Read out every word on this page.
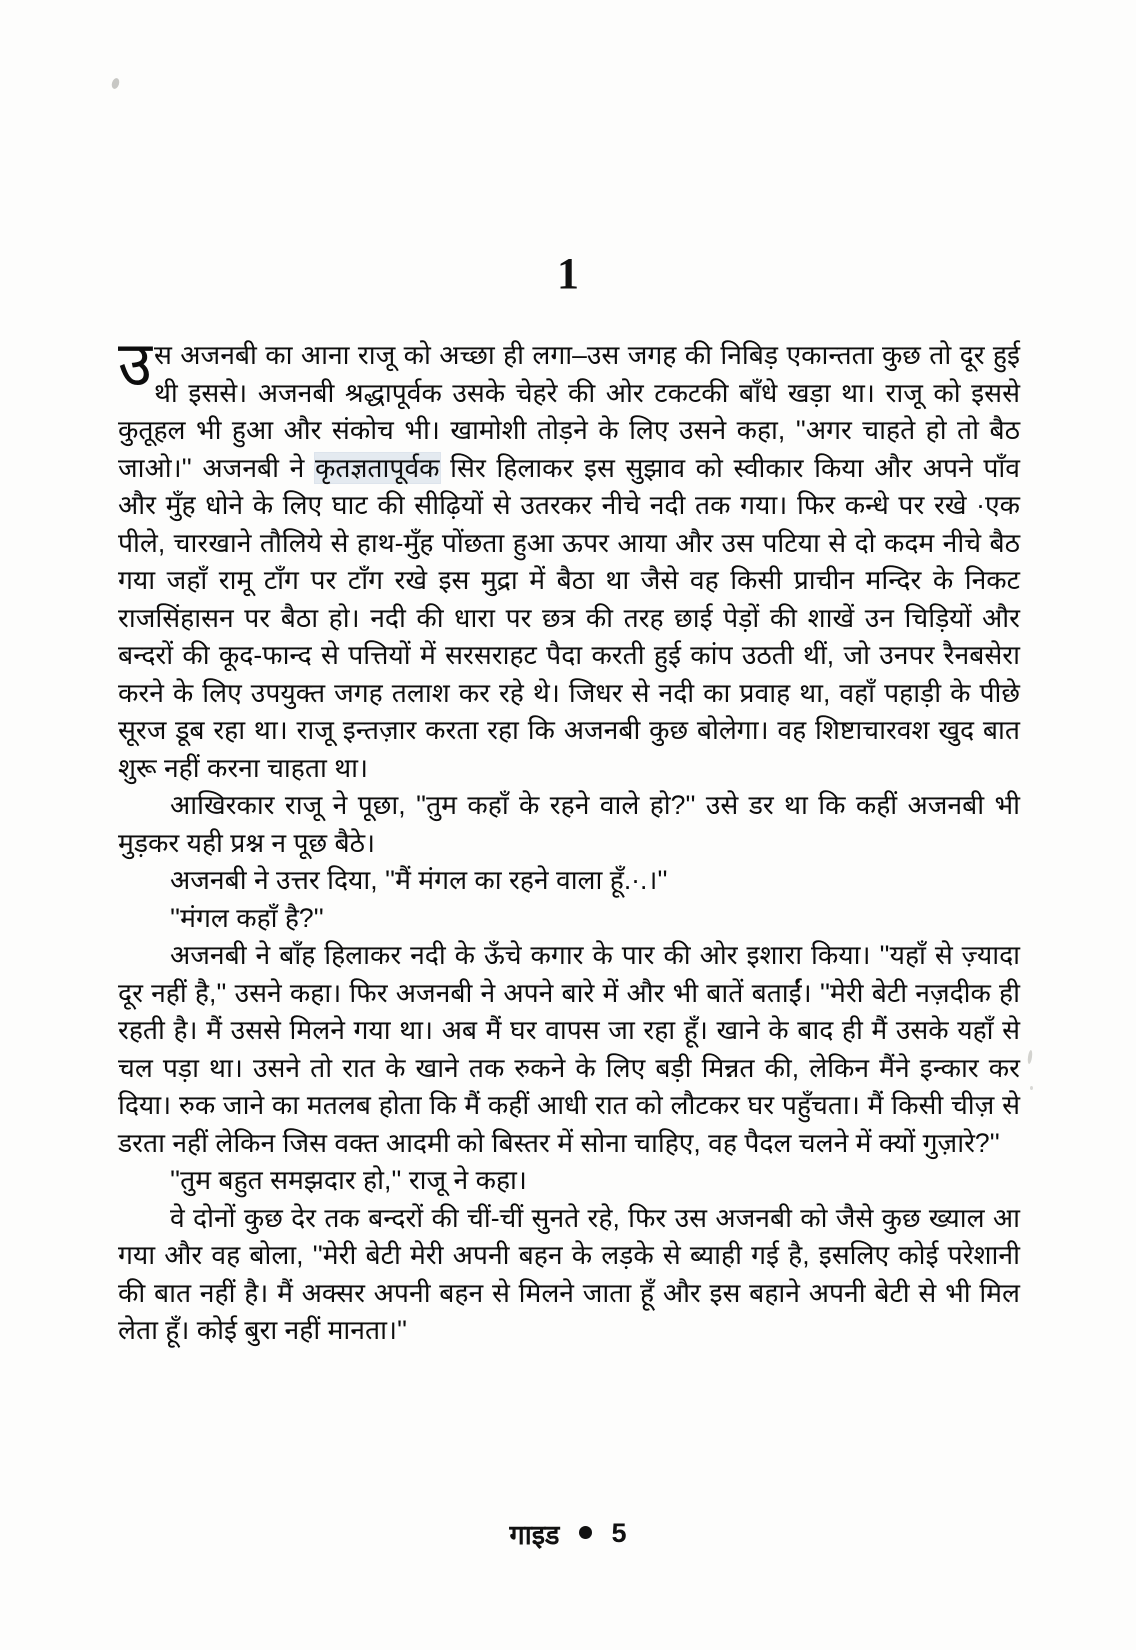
1

उस अजनबी का आना राजू को अच्छा ही लगा–उस जगह की निबिड़ एकान्तता कुछ तो दूर हुई थी इससे। अजनबी श्रद्धापूर्वक उसके चेहरे की ओर टकटकी बाँधे खड़ा था। राजू को इससे कुतूहल भी हुआ और संकोच भी। खामोशी तोड़ने के लिए उसने कहा, ''अगर चाहते हो तो बैठ जाओ।'' अजनबी ने कृतज्ञतापूर्वक सिर हिलाकर इस सुझाव को स्वीकार किया और अपने पाँव और मुँह धोने के लिए घाट की सीढ़ियों से उतरकर नीचे नदी तक गया। फिर कन्धे पर रखे ·एक पीले, चारखाने तौलिये से हाथ-मुँह पोंछता हुआ ऊपर आया और उस पटिया से दो कदम नीचे बैठ गया जहाँ रामू टाँग पर टाँग रखे इस मुद्रा में बैठा था जैसे वह किसी प्राचीन मन्दिर के निकट राजसिंहासन पर बैठा हो। नदी की धारा पर छत्र की तरह छाई पेड़ों की शाखें उन चिड़ियों और बन्दरों की कूद-फान्द से पत्तियों में सरसराहट पैदा करती हुई कांप उठती थीं, जो उनपर रैनबसेरा करने के लिए उपयुक्त जगह तलाश कर रहे थे। जिधर से नदी का प्रवाह था, वहाँ पहाड़ी के पीछे सूरज डूब रहा था। राजू इन्तज़ार करता रहा कि अजनबी कुछ बोलेगा। वह शिष्टाचारवश खुद बात शुरू नहीं करना चाहता था।

आखिरकार राजू ने पूछा, ''तुम कहाँ के रहने वाले हो?'' उसे डर था कि कहीं अजनबी भी मुड़कर यही प्रश्न न पूछ बैठे।

अजनबी ने उत्तर दिया, ''मैं मंगल का रहने वाला हूँ.·.।''

''मंगल कहाँ है?''

अजनबी ने बाँह हिलाकर नदी के ऊँचे कगार के पार की ओर इशारा किया। ''यहाँ से ज़्यादा दूर नहीं है,'' उसने कहा। फिर अजनबी ने अपने बारे में और भी बातें बताईं। ''मेरी बेटी नज़दीक ही रहती है। मैं उससे मिलने गया था। अब मैं घर वापस जा रहा हूँ। खाने के बाद ही मैं उसके यहाँ से चल पड़ा था। उसने तो रात के खाने तक रुकने के लिए बड़ी मिन्नत की, लेकिन मैंने इन्कार कर दिया। रुक जाने का मतलब होता कि मैं कहीं आधी रात को लौटकर घर पहुँचता। मैं किसी चीज़ से डरता नहीं लेकिन जिस वक्त आदमी को बिस्तर में सोना चाहिए, वह पैदल चलने में क्यों गुज़ारे?''

''तुम बहुत समझदार हो,'' राजू ने कहा।

वे दोनों कुछ देर तक बन्दरों की चीं-चीं सुनते रहे, फिर उस अजनबी को जैसे कुछ ख्याल आ गया और वह बोला, ''मेरी बेटी मेरी अपनी बहन के लड़के से ब्याही गई है, इसलिए कोई परेशानी की बात नहीं है। मैं अक्सर अपनी बहन से मिलने जाता हूँ और इस बहाने अपनी बेटी से भी मिल लेता हूँ। कोई बुरा नहीं मानता।''

गाइड 5
